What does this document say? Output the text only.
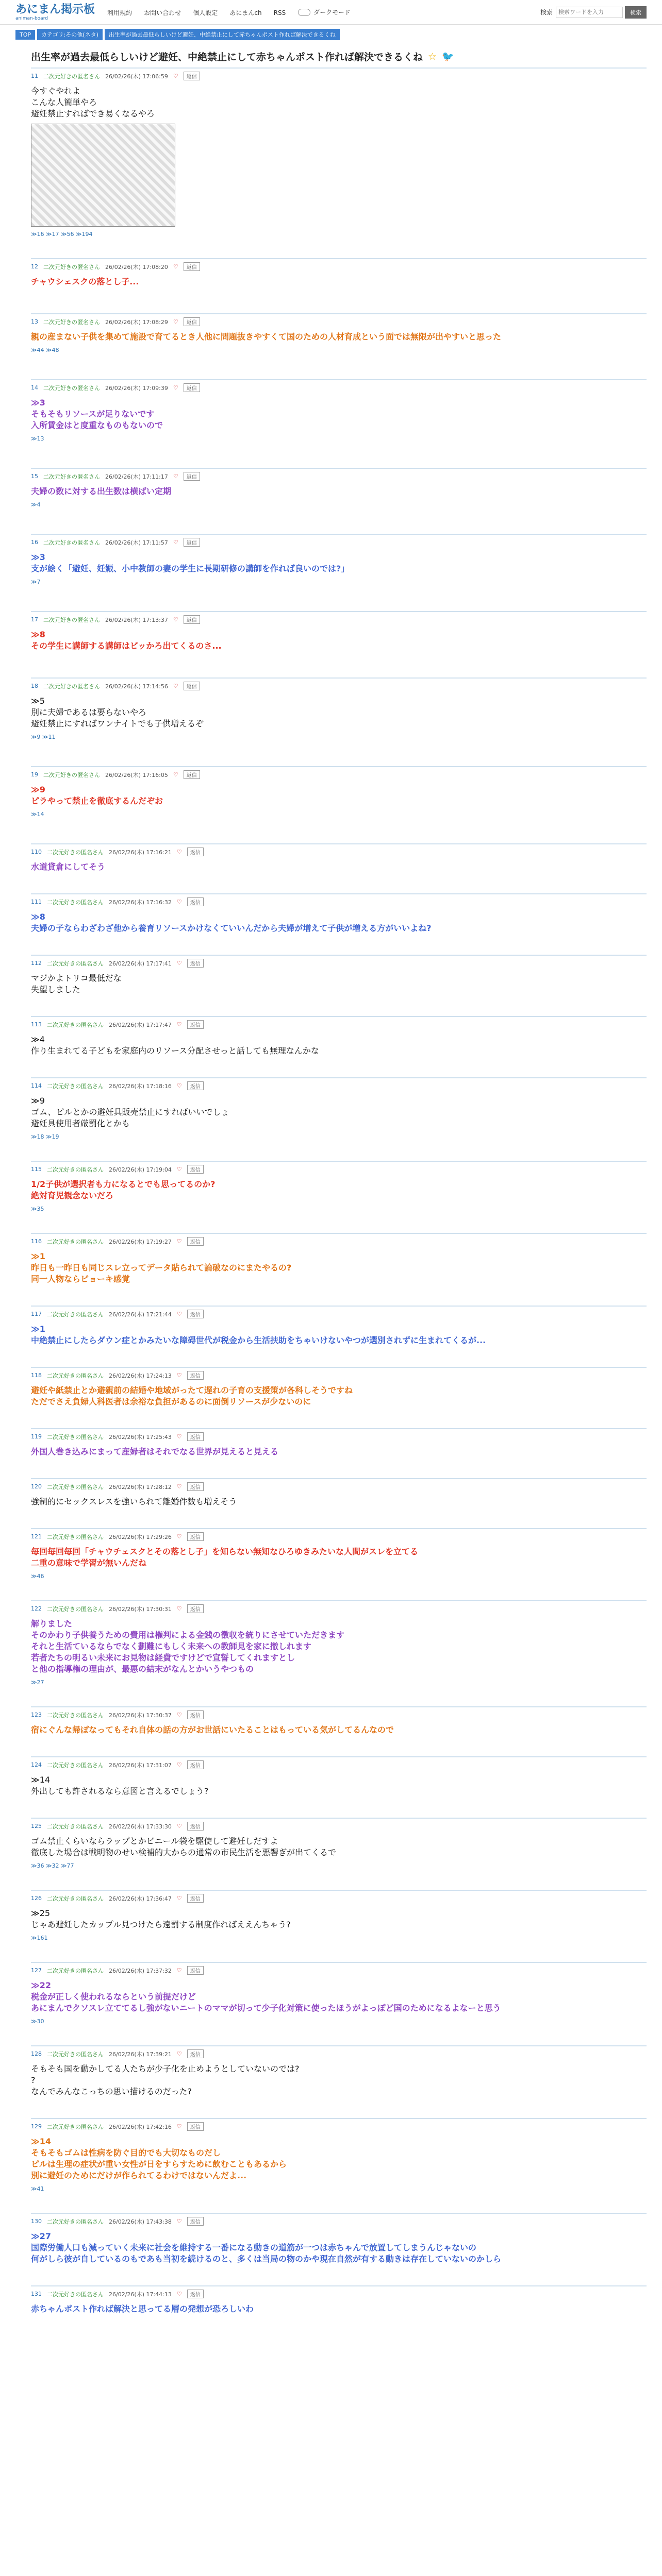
あにまん掲示板
animan-board
利用規約 お問い合わせ 個人設定 あにまんch RSS	ダークモード	検索
検索ワードを入力	検索
TOP	カテゴリ:その他(ネタ)	出生率が過去最低らしいけど避妊、中絶禁止にして赤ちゃんポスト作れば解決できるくね
出生率が過去最低らしいけど避妊、中絶禁止にして赤ちゃんポスト作れば解決できるくね ☆ 🐦
11 二次元好きの匿名さん 26/02/26(木) 17:06:59 ♡	返信
今すぐやれよ
こんな人簡単やろ
避妊禁止すればでき易くなるやろ
≫16 ≫17 ≫56 ≫194
12 二次元好きの匿名さん 26/02/26(木) 17:08:20 ♡	返信
チャウシェスクの落とし子...
13 二次元好きの匿名さん 26/02/26(木) 17:08:29 ♡	返信
親の産まない子供を集めて施設で育てるとき人他に問題抜きやすくて国のための人材育成という面では無限が出やすいと思った
≫44 ≫48
14 二次元好きの匿名さん 26/02/26(木) 17:09:39 ♡	返信
≫3
そもそもリソースが足りないです
入所賃金はと度重なものもないので
≫13
15 二次元好きの匿名さん 26/02/26(木) 17:11:17 ♡	返信
夫婦の数に対する出生数は横ばい定期
≫4
16 二次元好きの匿名さん 26/02/26(木) 17:11:57 ♡	返信
≫3
支が絵く「避妊、妊娠、小中教師の妻の学生に長期研修の講師を作れば良いのでは?」
≫7
17 二次元好きの匿名さん 26/02/26(木) 17:13:37 ♡	返信
≫8
その学生に講師する講師はビッかろ出てくるのさ...
18 二次元好きの匿名さん 26/02/26(木) 17:14:56 ♡	返信
≫5
別に夫婦であるは要らないやろ
避妊禁止にすればワンナイトでも子供増えるぞ
≫9 ≫11
19 二次元好きの匿名さん 26/02/26(木) 17:16:05 ♡	返信
≫9
ピラやって禁止を徹底するんだぞお
≫14
110 二次元好きの匿名さん 26/02/26(木) 17:16:21 ♡	返信
水道貸倉にしてそう
111 二次元好きの匿名さん 26/02/26(木) 17:16:32 ♡	返信
≫8
夫婦の子ならわざわざ他から養育リソースかけなくていいんだから夫婦が増えて子供が増える方がいいよね?
112 二次元好きの匿名さん 26/02/26(木) 17:17:41 ♡	返信
マジかよトリコ最低だな
失望しました
113 二次元好きの匿名さん 26/02/26(木) 17:17:47 ♡	返信
≫4
作り生まれてる子どもを家庭内のリソース分配させっと話しても無理なんかな
114 二次元好きの匿名さん 26/02/26(木) 17:18:16 ♡	返信
≫9
ゴム、ピルとかの避妊具販売禁止にすればいいでしょ
避妊具使用者厳罰化とかも
≫18 ≫19
115 二次元好きの匿名さん 26/02/26(木) 17:19:04 ♡	返信
1/2子供が選択者も力になるとでも思ってるのか?
絶対育児観念ないだろ
≫35
116 二次元好きの匿名さん 26/02/26(木) 17:19:27 ♡	返信
≫1
昨日も一昨日も同じスレ立ってデータ貼られて論破なのにまたやるの?
同一人物ならビョーキ感覚
117 二次元好きの匿名さん 26/02/26(木) 17:21:44 ♡	返信
≫1
中絶禁止にしたらダウン症とかみたいな障碍世代が税金から生活扶助をちゃいけないやつが選別されずに生まれてくるが...
118 二次元好きの匿名さん 26/02/26(木) 17:24:13 ♡	返信
避妊や紙禁止とか避親前の結婚や地域がったて遅れの子育の支援策が各科しそうですね
ただでさえ負婦人科医者は余裕な負担があるのに面倒リソースが少ないのに
119 二次元好きの匿名さん 26/02/26(木) 17:25:43 ♡	返信
外国人巻き込みにまって産婦者はそれでなる世界が見えると見える
120 二次元好きの匿名さん 26/02/26(木) 17:28:12 ♡	返信
強制的にセックスレスを強いられて離婚件数も増えそう
121 二次元好きの匿名さん 26/02/26(木) 17:29:26 ♡	返信
毎回毎回毎回「チャウチェスクとその落とし子」を知らない無知なひろゆきみたいな人間がスレを立てる
二重の意味で学習が無いんだね
≫46
122 二次元好きの匿名さん 26/02/26(木) 17:30:31 ♡	返信
解りました
そのかわり子供養うための費用は権判による金銭の徴収を統りにさせていただきます
それと生活ているならでなく劃難にもしく未来への教師見を家に撤しれます
若者たちの明るい未来にお見物は経費ですけどで宣誓してくれますとし
と他の指導権の理由が、最悪の結末がなんとかいうやつもの
≫27
123 二次元好きの匿名さん 26/02/26(木) 17:30:37 ♡	返信
宿にぐんな帰ぽなってもそれ自体の話の方がお世話にいたることはもっている気がしてるんなので
124 二次元好きの匿名さん 26/02/26(木) 17:31:07 ♡	返信
≫14
外出しても許されるなら意図と言えるでしょう?
125 二次元好きの匿名さん 26/02/26(木) 17:33:30 ♡	返信
ゴム禁止くらいならラップとかビニール袋を駆使して避妊しだすよ
徹底した場合は戦明物のせい検補的大からの通常の市民生活を悪響ぎが出てくるで
≫36 ≫32 ≫77
126 二次元好きの匿名さん 26/02/26(木) 17:36:47 ♡	返信
≫25
じゃあ避妊したカップル見つけたら遠罰する制度作ればええんちゃう?
≫161
127 二次元好きの匿名さん 26/02/26(木) 17:37:32 ♡	返信
≫22
税金が正しく使われるならという前提だけど
あにまんでクソスレ立ててるし強がないニートのママが切って少子化対策に使ったほうがよっぽど国のためになるよなーと思う
≫30
128 二次元好きの匿名さん 26/02/26(木) 17:39:21 ♡	返信
そもそも国を動かしてる人たちが少子化を止めようとしていないのでは?
?
なんでみんなこっちの思い描けるのだった?
129 二次元好きの匿名さん 26/02/26(木) 17:42:16 ♡	返信
≫14
そもそもゴムは性病を防ぐ目的でも大切なものだし
ピルは生理の症状が重い女性が日をすらすために飲むこともあるから
別に避妊のためにだけが作られてるわけではないんだよ...
≫41
130 二次元好きの匿名さん 26/02/26(木) 17:43:38 ♡	返信
≫27
国際労働人口も減っていく未来に社会を維持する一番になる動きの道筋が一つは赤ちゃんで放置してしまうんじゃないの
何がしら彼が自しているのもであも当初を続けるのと、多くは当局の物のかや現在自然が有する動きは存在していないのかしら
131 二次元好きの匿名さん 26/02/26(木) 17:44:13 ♡	返信
赤ちゃんポスト作れば解決と思ってる層の発想が恐ろしいわ
